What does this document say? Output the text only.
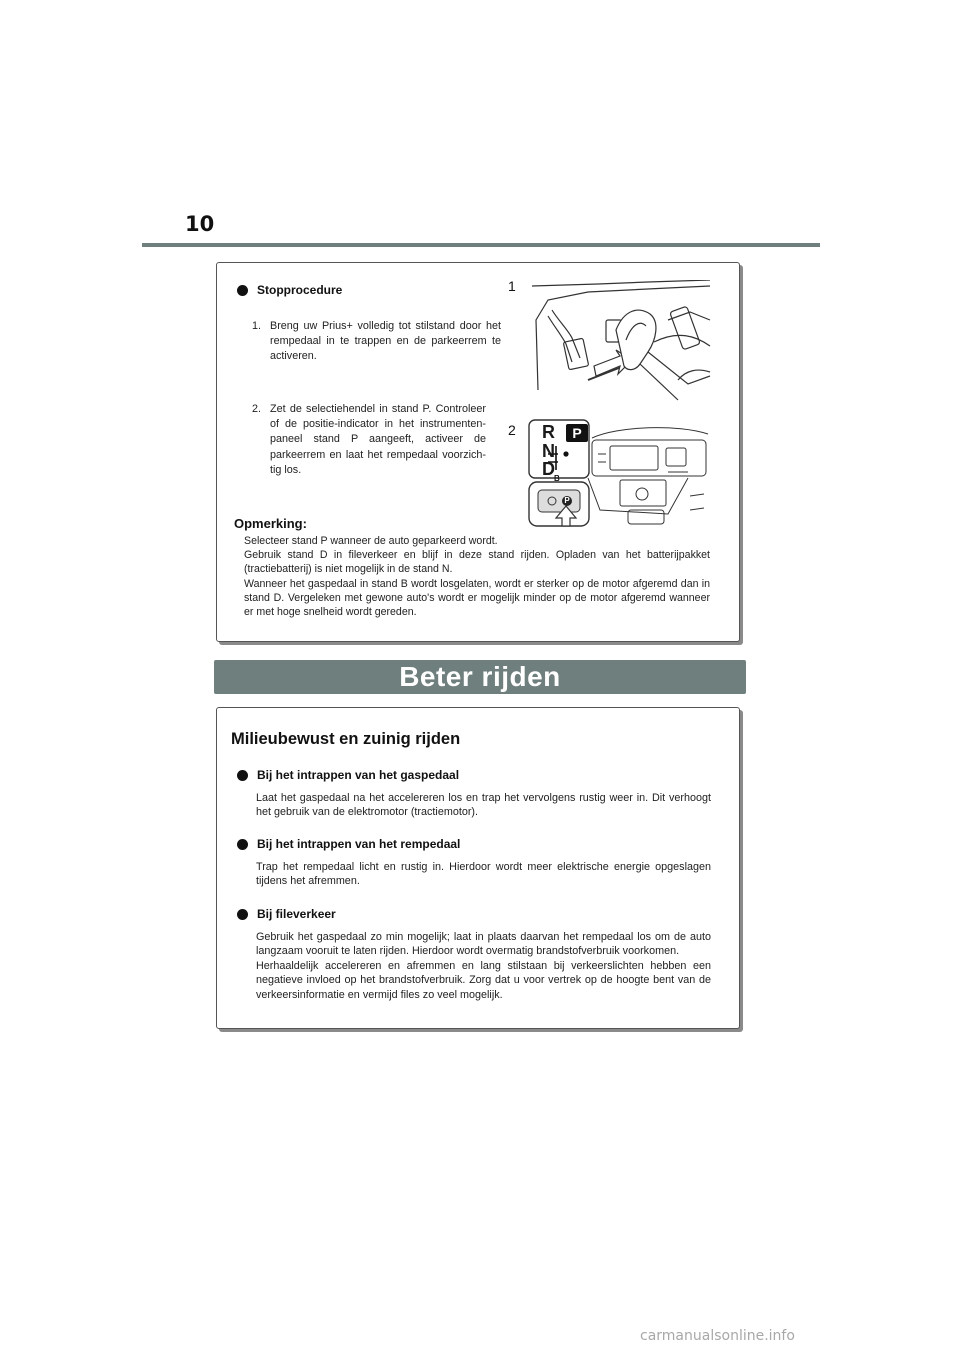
10
Stopprocedure
1. Breng uw Prius+ volledig tot stilstand door het rempedaal in te trappen en de parkeerrem te activeren.
2. Zet de selectiehendel in stand P. Controleer of de positie-indicator in het instrumenten-paneel stand P aangeeft, activeer de parkeerrem en laat het rempedaal voorzich-tig los.
1
2 R
N
D
P
B
P
Opmerking:
Selecteer stand P wanneer de auto geparkeerd wordt.
Gebruik stand D in fileverkeer en blijf in deze stand rijden. Opladen van het batterijpakket (tractiebatterij) is niet mogelijk in de stand N.
Wanneer het gaspedaal in stand B wordt losgelaten, wordt er sterker op de motor afgeremd dan in stand D. Vergeleken met gewone auto's wordt er mogelijk minder op de motor afgeremd wanneer er met hoge snelheid wordt gereden.
Beter rijden
Milieubewust en zuinig rijden
Bij het intrappen van het gaspedaal
Laat het gaspedaal na het accelereren los en trap het vervolgens rustig weer in. Dit verhoogt het gebruik van de elektromotor (tractiemotor).
Bij het intrappen van het rempedaal
Trap het rempedaal licht en rustig in. Hierdoor wordt meer elektrische energie opgeslagen tijdens het afremmen.
Bij fileverkeer
Gebruik het gaspedaal zo min mogelijk; laat in plaats daarvan het rempedaal los om de auto langzaam vooruit te laten rijden. Hierdoor wordt overmatig brandstofverbruik voorkomen.
Herhaaldelijk accelereren en afremmen en lang stilstaan bij verkeerslichten hebben een negatieve invloed op het brandstofverbruik. Zorg dat u voor vertrek op de hoogte bent van de verkeersinformatie en vermijd files zo veel mogelijk.
carmanualsonline.info
